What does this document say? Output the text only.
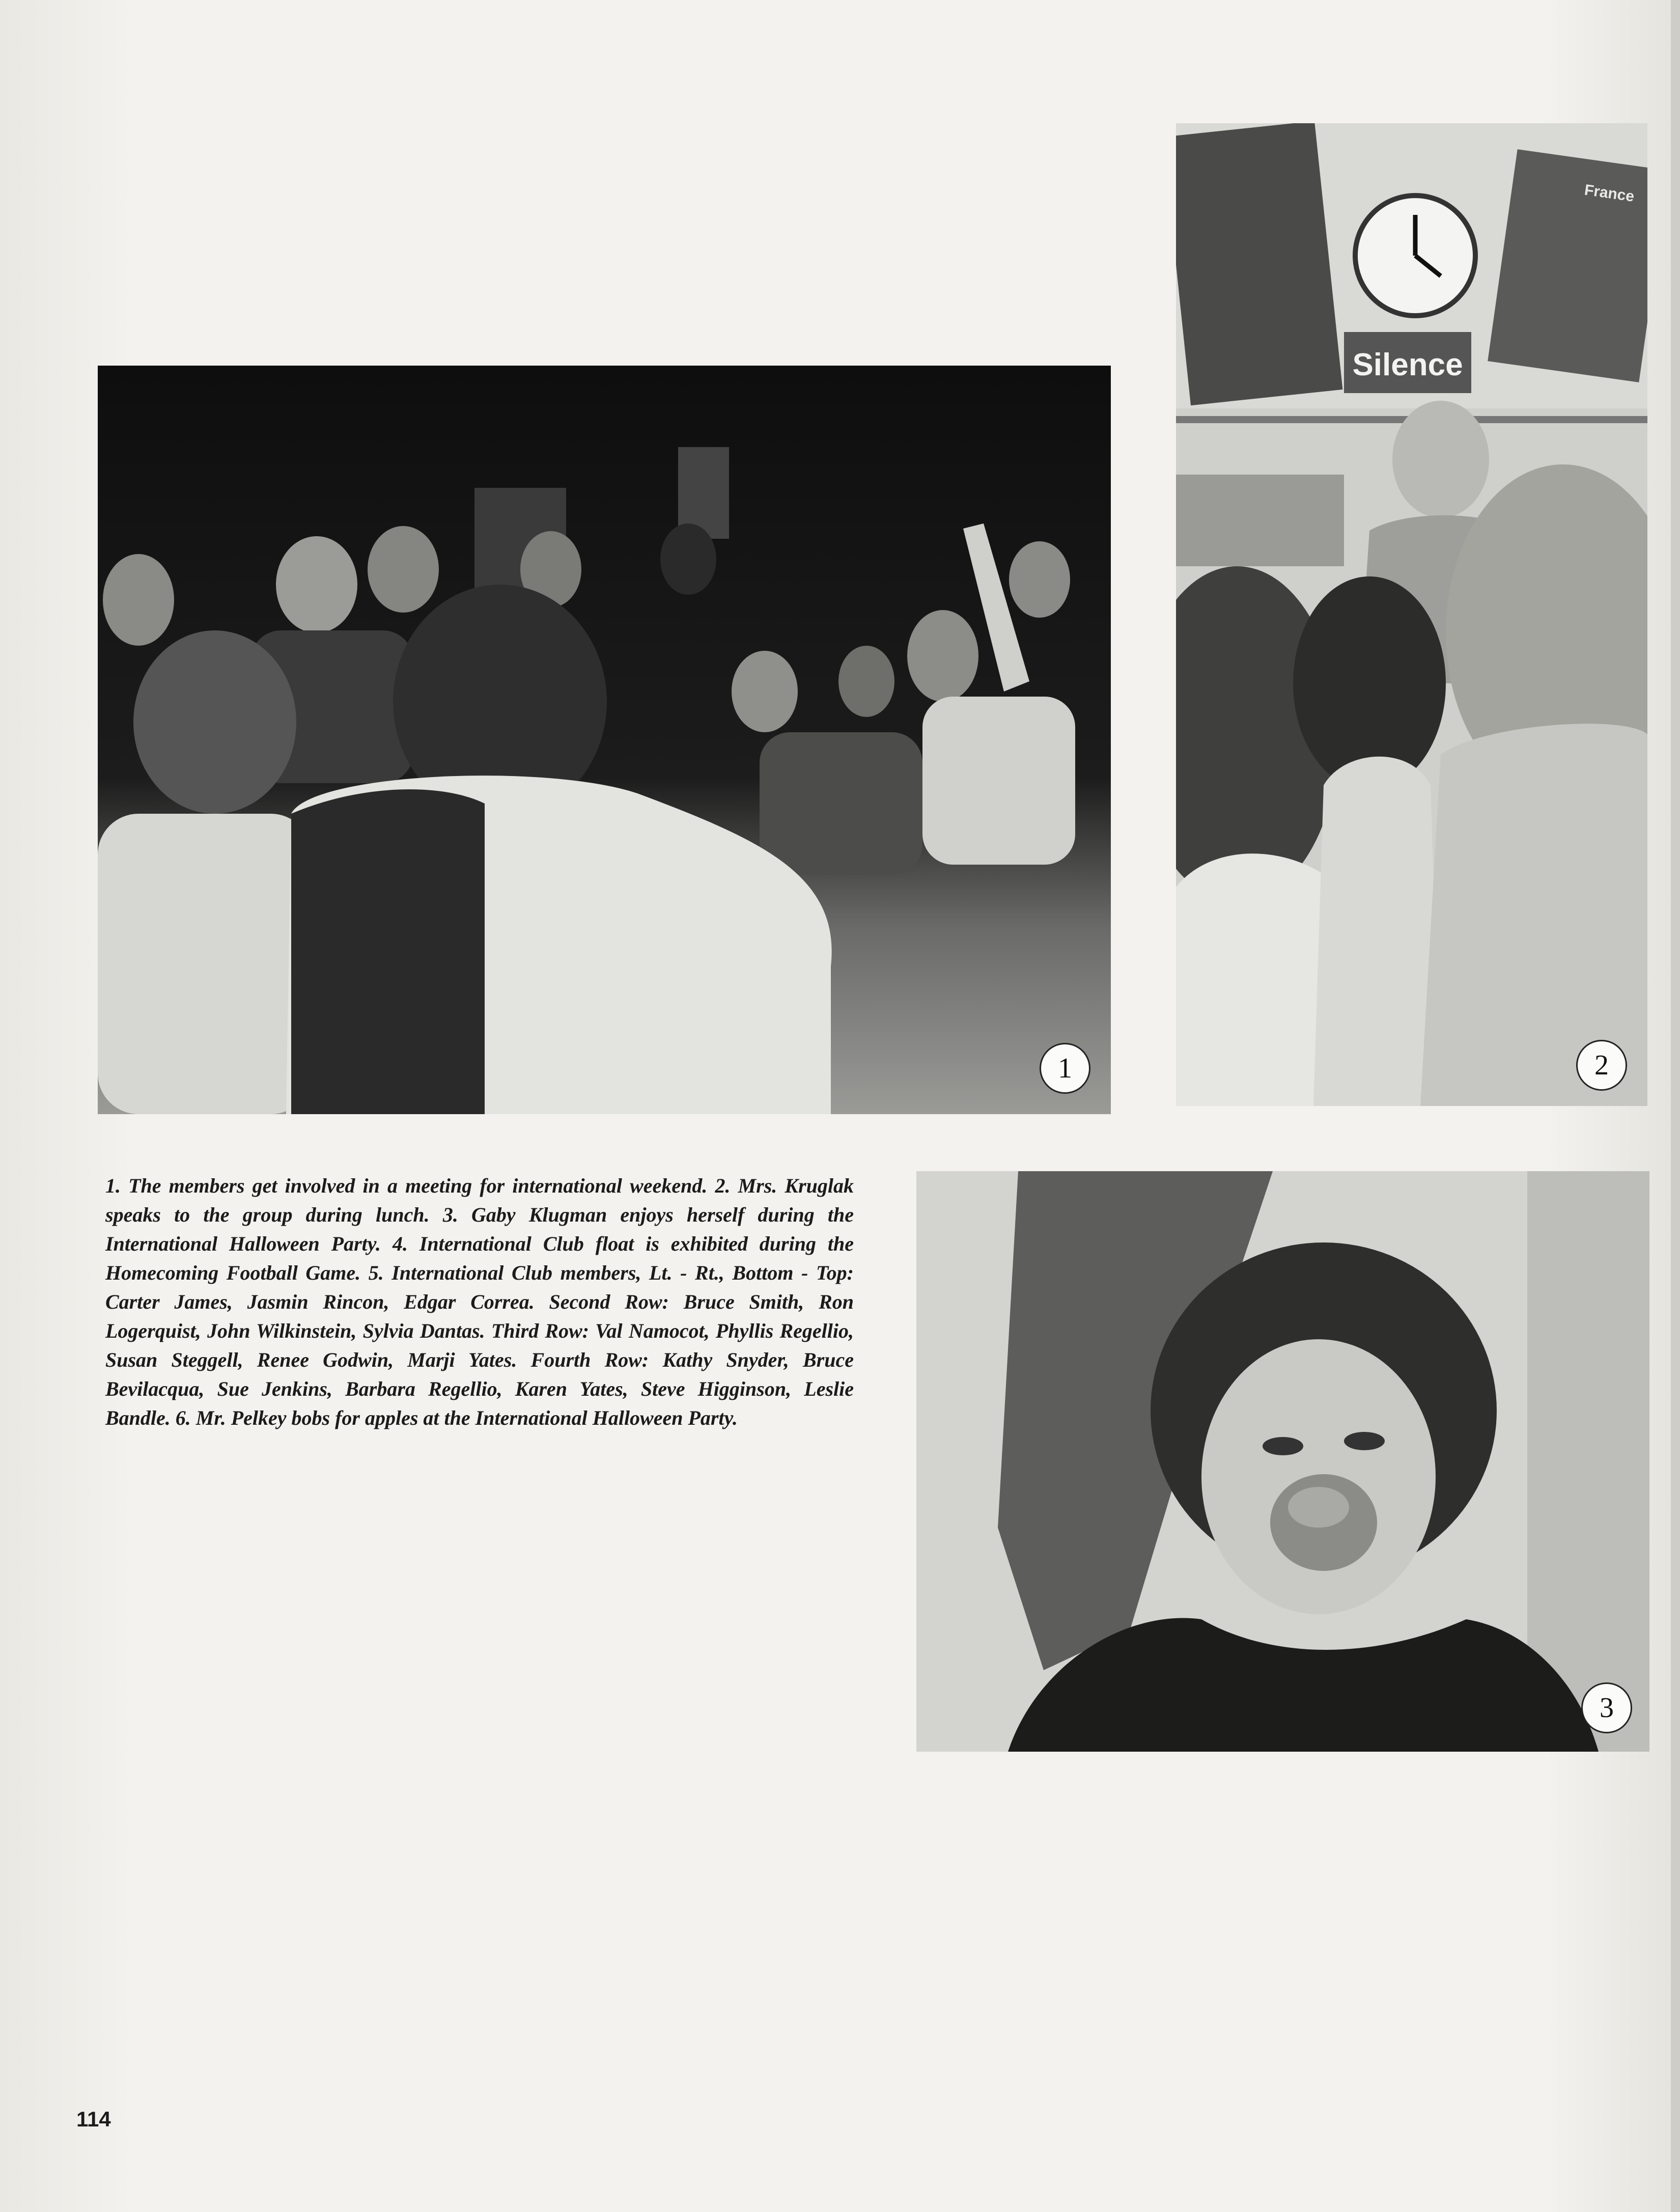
1
Silence
France
2
3

1. The members get involved in a meeting for international weekend. 2. Mrs. Kruglak speaks to the group during lunch. 3. Gaby Klugman enjoys herself during the International Halloween Party. 4. International Club float is exhibited during the Homecoming Football Game. 5. International Club members, Lt. - Rt., Bottom - Top: Carter James, Jasmin Rincon, Edgar Correa. Second Row: Bruce Smith, Ron Logerquist, John Wilkinstein, Sylvia Dantas. Third Row: Val Namocot, Phyllis Regellio, Susan Steggell, Renee Godwin, Marji Yates. Fourth Row: Kathy Snyder, Bruce Bevilacqua, Sue Jenkins, Barbara Regellio, Karen Yates, Steve Higginson, Leslie Bandle. 6. Mr. Pelkey bobs for apples at the International Halloween Party.

114
